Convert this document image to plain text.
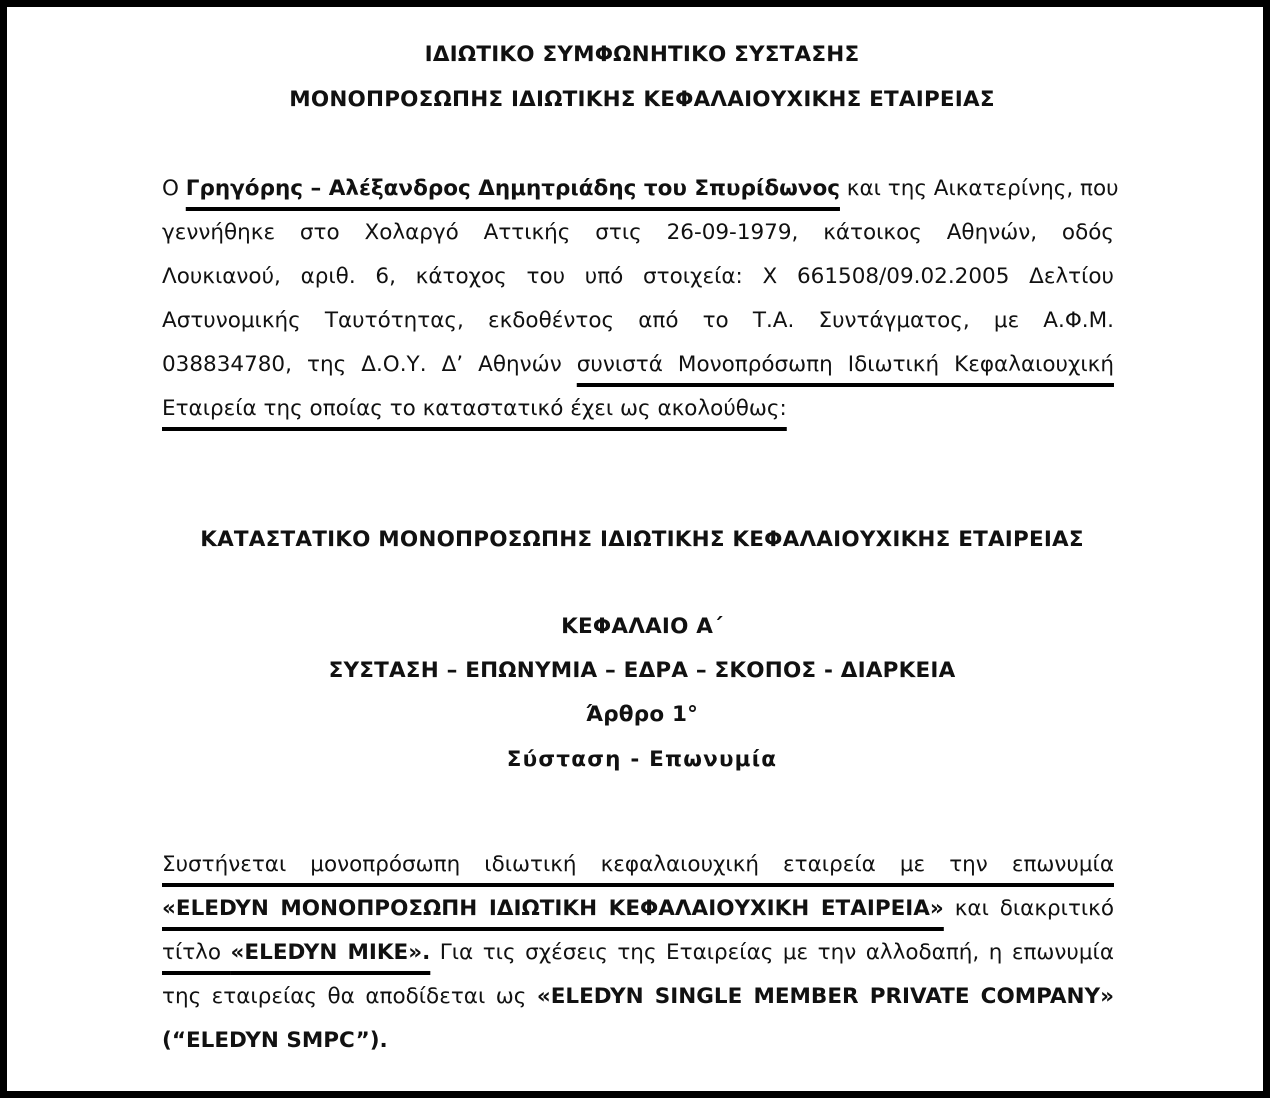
ΙΔΙΩΤΙΚΟ ΣΥΜΦΩΝΗΤΙΚΟ ΣΥΣΤΑΣΗΣ
ΜΟΝΟΠΡΟΣΩΠΗΣ ΙΔΙΩΤΙΚΗΣ ΚΕΦΑΛΑΙΟΥΧΙΚΗΣ ΕΤΑΙΡΕΙΑΣ
Ο Γρηγόρης – Αλέξανδρος Δημητριάδης του Σπυρίδωνος και της Αικατερίνης, που
γεννήθηκε στο Χολαργό Αττικής στις 26-09-1979, κάτοικος Αθηνών, οδός
Λουκιανού, αριθ. 6, κάτοχος του υπό στοιχεία: Χ 661508/09.02.2005 Δελτίου
Αστυνομικής Ταυτότητας, εκδοθέντος από το Τ.Α. Συντάγματος, με Α.Φ.Μ.
038834780, της Δ.Ο.Υ. Δ’ Αθηνών συνιστά Μονοπρόσωπη Ιδιωτική Κεφαλαιουχική
Εταιρεία της οποίας το καταστατικό έχει ως ακολούθως:
ΚΑΤΑΣΤΑΤΙΚΟ ΜΟΝΟΠΡΟΣΩΠΗΣ ΙΔΙΩΤΙΚΗΣ ΚΕΦΑΛΑΙΟΥΧΙΚΗΣ ΕΤΑΙΡΕΙΑΣ
ΚΕΦΑΛΑΙΟ Α΄
ΣΥΣΤΑΣΗ – ΕΠΩΝΥΜΙΑ – ΕΔΡΑ – ΣΚΟΠΟΣ - ΔΙΑΡΚΕΙΑ
Άρθρο 1°
Σύσταση - Επωνυμία
Συστήνεται μονοπρόσωπη ιδιωτική κεφαλαιουχική εταιρεία με την επωνυμία
«ELEDYN ΜΟΝΟΠΡΟΣΩΠΗ ΙΔΙΩΤΙΚΗ ΚΕΦΑΛΑΙΟΥΧΙΚΗ ΕΤΑΙΡΕΙΑ» και διακριτικό
τίτλο «ELEDYN MIKE». Για τις σχέσεις της Εταιρείας με την αλλοδαπή, η επωνυμία
της εταιρείας θα αποδίδεται ως «ELEDYN SINGLE MEMBER PRIVATE COMPANY»
(“ELEDYN SMPC”).
